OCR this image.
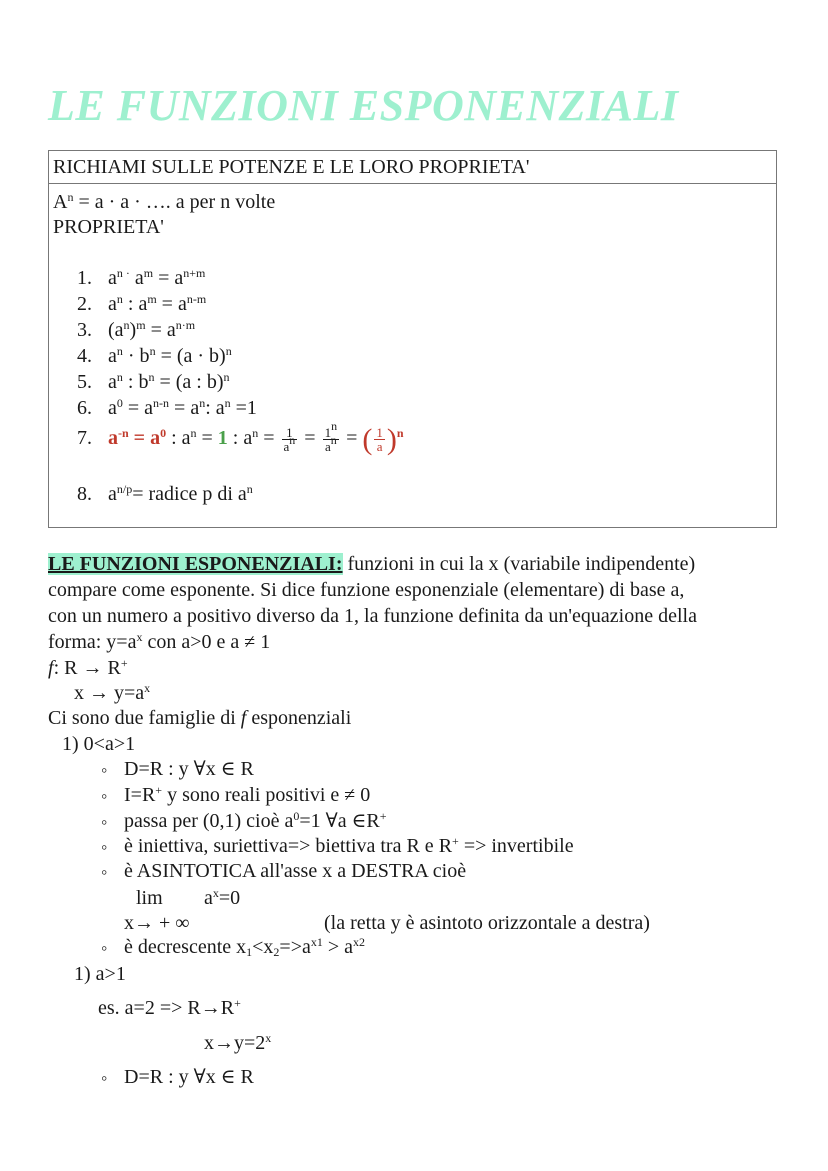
LE FUNZIONI ESPONENZIALI
RICHIAMI SULLE POTENZE E LE LORO PROPRIETA'
$A^n = a \cdot a$ · …. a per n volte
PROPRIETA'
1. $a^{n \cdot}$ $a^m = a^{n+m}$
2. $a^n$ : $a^m = a^{n-m}$
3. $(a^n)^m = a^{n\cdot m}$
4. $a^n \cdot b^n = (a \cdot b)^n$
5. $a^n$ : $b^n = (a$ : b)$^n$
6. $a^0 = a^{n-n} = a^n$: $a^n =1$
7. $a^{-n} = a^0$ : $a^n = 1$ : $a^n = \frac{1}{a^n} = \frac{1^n}{a^n}$ = ( $\frac{1}{a} )^n$
8. $a^{n/p}=$ radice p di $a^n$
LE FUNZIONI ESPONENZIALI: funzioni in cui la x (variabile indipendente)
compare come esponente. Si dice funzione esponenziale (elementare) di base a,
con un numero a positivo diverso da 1, la funzione definita da un'equazione della
forma: $y=a^x$ con a>0 e a ≠ 1
f: R → R+
$x \to y=a^x$
Ci sono due famiglie di f esponenziali
1) 0<a>1
◦ D=R : y ∀x ∈ R
◦ I=R+ y sono reali positivi e ≠ 0
◦ passa per (0,1) cioè $a^0=1$ ∀a ∈R+
◦ è iniettiva, suriettiva=> biettiva tra R e R+ => invertibile
◦ è ASINTOTICA all'asse x a DESTRA cioè
$\lim a^x=0$
x→ + ∞	(la retta y è asintoto orizzontale a destra)
◦ è decrescente $x_1<x_2=>a^{x1} > a^{x2}$
1) a>1
es. a=2 => R→R+
$x\to y=2^x$
◦ D=R : y ∀x ∈ R
